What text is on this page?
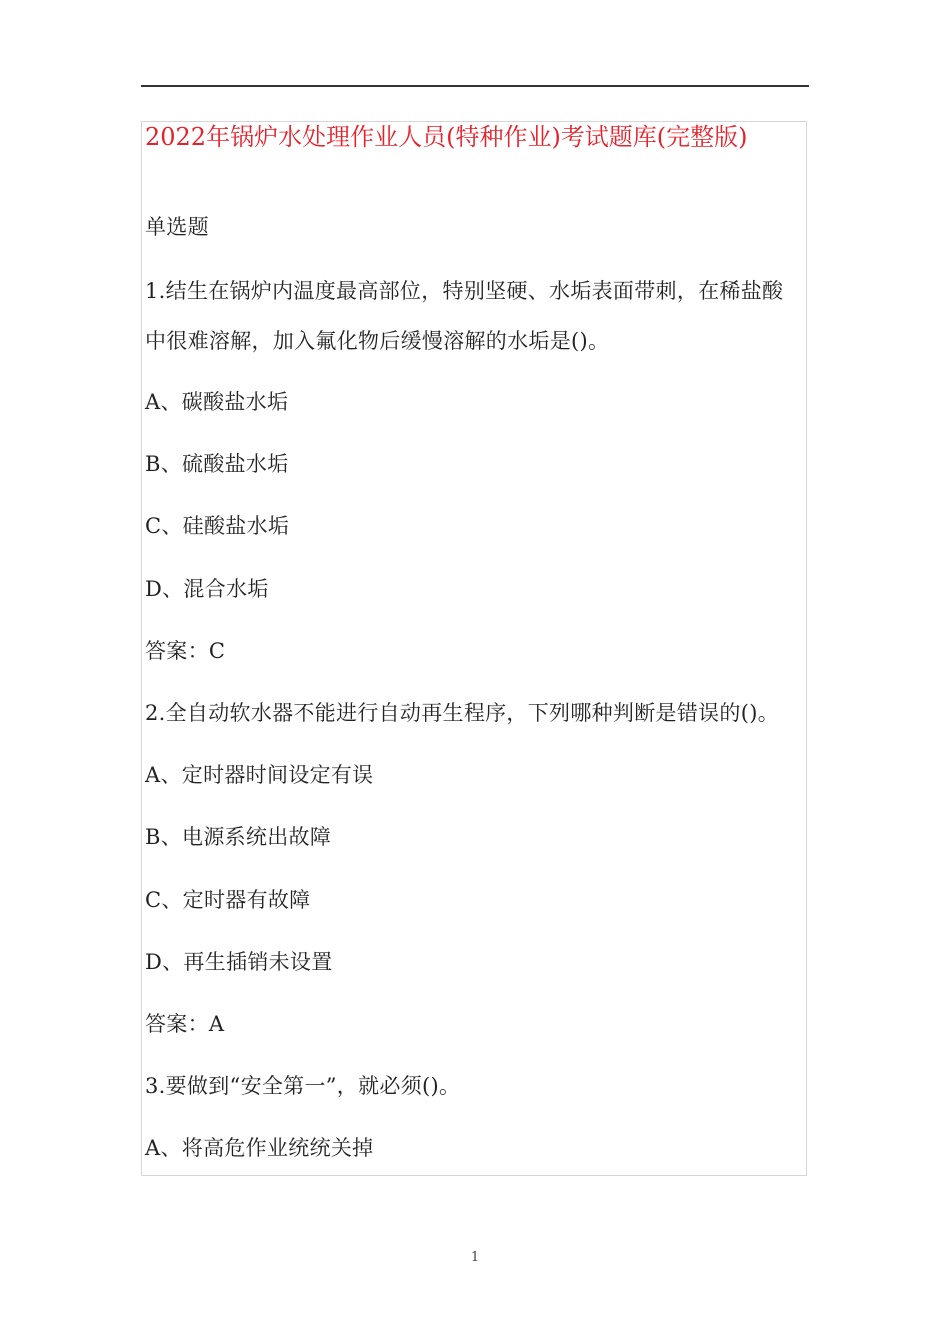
2022年锅炉水处理作业人员(特种作业)考试题库(完整版)
单选题
1.结生在锅炉内温度最高部位，特别坚硬、水垢表面带刺，在稀盐酸
中很难溶解，加入氟化物后缓慢溶解的水垢是()。
A、碳酸盐水垢
B、硫酸盐水垢
C、硅酸盐水垢
D、混合水垢
答案：C
2.全自动软水器不能进行自动再生程序，下列哪种判断是错误的()。
A、定时器时间设定有误
B、电源系统出故障
C、定时器有故障
D、再生插销未设置
答案：A
3.要做到“安全第一”，就必须()。
A、将高危作业统统关掉
1
